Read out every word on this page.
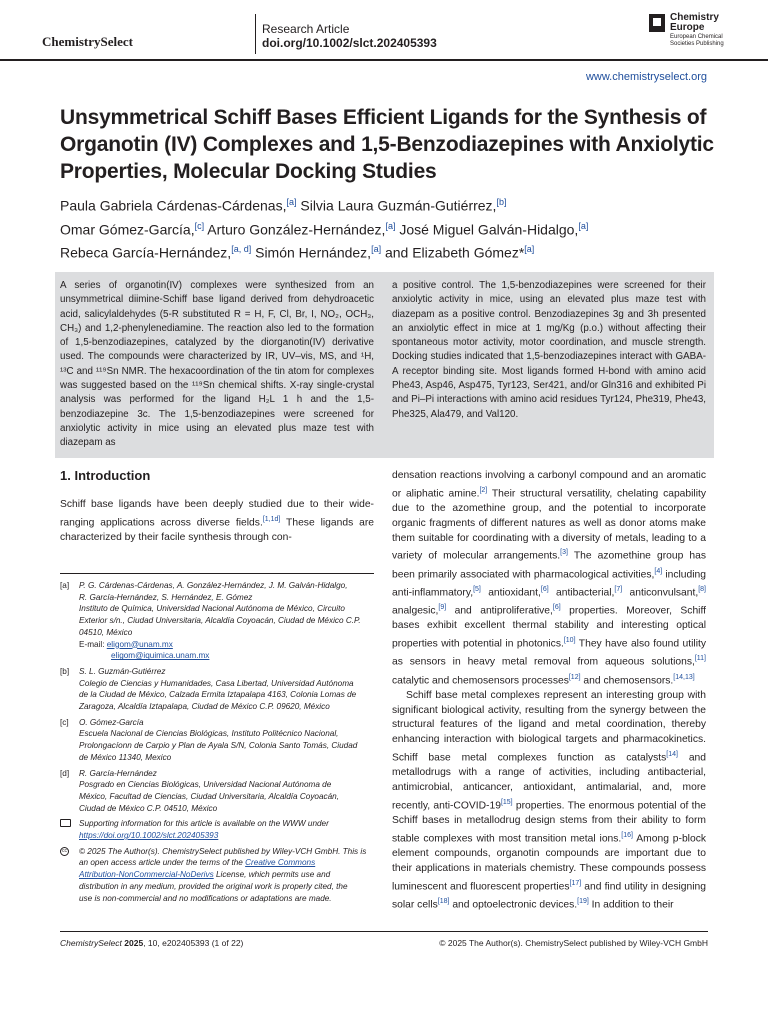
ChemistrySelect
Research Article
doi.org/10.1002/slct.202405393
Chemistry Europe
European Chemical Societies Publishing
www.chemistryselect.org
Unsymmetrical Schiff Bases Efficient Ligands for the Synthesis of Organotin (IV) Complexes and 1,5-Benzodiazepines with Anxiolytic Properties, Molecular Docking Studies
Paula Gabriela Cárdenas-Cárdenas,[a] Silvia Laura Guzmán-Gutiérrez,[b]
Omar Gómez-García,[c] Arturo González-Hernández,[a] José Miguel Galván-Hidalgo,[a]
Rebeca García-Hernández,[a, d] Simón Hernández,[a] and Elizabeth Gómez*[a]
A series of organotin(IV) complexes were synthesized from an unsymmetrical diimine-Schiff base ligand derived from dehydroacetic acid, salicylaldehydes (5-R substituted R = H, F, Cl, Br, I, NO₂, OCH₃, CH₃) and 1,2-phenylenediamine. The reaction also led to the formation of 1,5-benzodiazepines, catalyzed by the diorganotin(IV) derivative used. The compounds were characterized by IR, UV–vis, MS, and ¹H, ¹³C and ¹¹⁹Sn NMR. The hexacoordination of the tin atom for complexes was suggested based on the ¹¹⁹Sn chemical shifts. X-ray single-crystal analysis was performed for the ligand H₂L 1 h and the 1,5-benzodiazepine 3c. The 1,5-benzodiazepines were screened for anxiolytic activity in mice using an elevated plus maze test with diazepam as
a positive control. The 1,5-benzodiazepines were screened for their anxiolytic activity in mice, using an elevated plus maze test with diazepam as a positive control. Benzodiazepines 3g and 3h presented an anxiolytic effect in mice at 1 mg/Kg (p.o.) without affecting their spontaneous motor activity, motor coordination, and muscle strength. Docking studies indicated that 1,5-benzodiazepines interact with GABA-A receptor binding site. Most ligands formed H-bond with amino acid Phe43, Asp46, Asp475, Tyr123, Ser421, and/or Gln316 and exhibited Pi and Pi–Pi interactions with amino acid residues Tyr124, Phe319, Phe43, Phe325, Ala479, and Val120.
1. Introduction

Schiff base ligands have been deeply studied due to their wide-ranging applications across diverse fields.[1,1d] These ligands are characterized by their facile synthesis through con-

densation reactions involving a carbonyl compound and an aromatic or aliphatic amine.[2] Their structural versatility, chelating capability due to the azomethine group, and the potential to incorporate organic fragments of different natures as well as donor atoms make them suitable for coordinating with a diversity of metals, leading to a variety of molecular arrangements.[3] The azomethine group has been primarily associated with pharmacological activities,[4] including anti-inflammatory,[5] antioxidant,[6] antibacterial,[7] anticonvulsant,[8] analgesic,[9] and antiproliferative,[6] properties. Moreover, Schiff bases exhibit excellent thermal stability and interesting optical properties with potential in photonics.[10] They have also found utility as sensors in heavy metal removal from aqueous solutions,[11] catalytic and chemosensors processes[12] and chemosensors.[14,13]

Schiff base metal complexes represent an interesting group with significant biological activity, resulting from the synergy between the structural features of the ligand and metal coordination, thereby enhancing interaction with biological targets and pharmacokinetics. Schiff base metal complexes function as catalysts[14] and metallodrugs with a range of activities, including antibacterial, antimicrobial, anticancer, antioxidant, antimalarial, and, more recently, anti-COVID-19[15] properties. The enormous potential of the Schiff bases in metallodrug design stems from their ability to form stable complexes with most transition metal ions.[16] Among p-block element compounds, organotin compounds are important due to their applications in materials chemistry. These compounds possess luminescent and fluorescent properties[17] and find utility in designing solar cells[18] and optoelectronic devices.[19] In addition to their

[a] P. G. Cárdenas-Cárdenas, A. González-Hernández, J. M. Galván-Hidalgo,
R. García-Hernández, S. Hernández, E. Gómez
Instituto de Química, Universidad Nacional Autónoma de México, Circuito
Exterior s/n., Ciudad Universitaria, Alcaldía Coyoacán, Ciudad de México C.P.
04510, México
E-mail: eligom@unam.mx
eligom@iquimica.unam.mx
[b] S. L. Guzmán-Gutiérrez
Colegio de Ciencias y Humanidades, Casa Libertad, Universidad Autónoma
de la Ciudad de México, Calzada Ermita Iztapalapa 4163, Colonia Lomas de
Zaragoza, Alcaldía Iztapalapa, Ciudad de México C.P. 09620, México
[c] O. Gómez-García
Escuela Nacional de Ciencias Biológicas, Instituto Politécnico Nacional,
Prolongacíonn de Carpio y Plan de Ayala S/N, Colonia Santo Tomás, Ciudad
de México 11340, Mexico
[d] R. García-Hernández
Posgrado en Ciencias Biológicas, Universidad Nacional Autónoma de
México, Facultad de Ciencias, Ciudad Universitaria, Alcaldía Coyoacán,
Ciudad de México C.P. 04510, México
Supporting information for this article is available on the WWW under
https://doi.org/10.1002/slct.202405393
cc © 2025 The Author(s). ChemistrySelect published by Wiley-VCH GmbH. This is
an open access article under the terms of the Creative Commons
Attribution-NonCommercial-NoDerivs License, which permits use and
distribution in any medium, provided the original work is properly cited, the
use is non-commercial and no modifications or adaptations are made.
ChemistrySelect 2025, 10, e202405393 (1 of 22)	© 2025 The Author(s). ChemistrySelect published by Wiley-VCH GmbH
